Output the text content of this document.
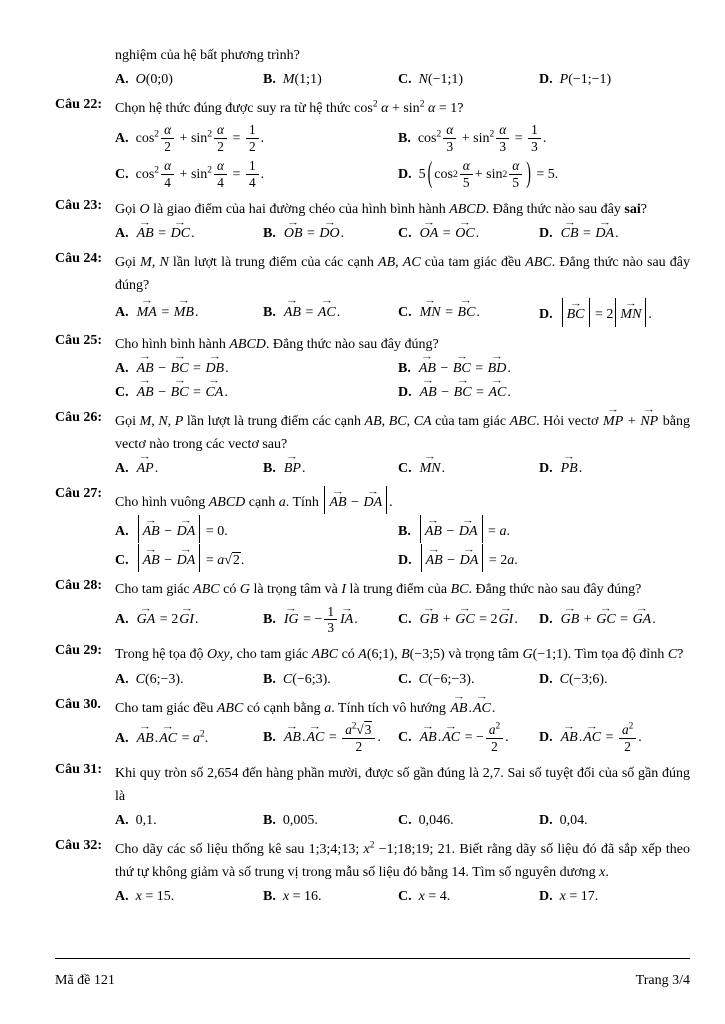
nghiệm của hệ bất phương trình?
A. O(0;0)	B. M(1;1)	C. N(−1;1)	D. P(−1;−1)
Câu 22: Chọn hệ thức đúng được suy ra từ hệ thức $\cos^2 \alpha + \sin^2 \alpha = 1$?
A. $\cos^2 \frac{\alpha}{2} + \sin^2 \frac{\alpha}{2} = \frac{1}{2}$ .	B. $\cos^2 \frac{\alpha}{3} + \sin^2 \frac{\alpha}{3} = \frac{1}{3}$ .
C. $\cos^2 \frac{\alpha}{4} + \sin^2 \frac{\alpha}{4} = \frac{1}{4}$ .	D. 5 ( $\cos 2 \frac{\alpha}{5} + \sin 2 \frac{\alpha}{5}$ ) = 5.
Câu 23: Gọi O là giao điểm của hai đường chéo của hình bình hành ABCD. Đẳng thức nào sau đây sai?
A. → AB = → DC.	B. → OB = → DO.	C. → OA = → OC.	D. → CB = → DA.
Câu 24: Gọi M, N lần lượt là trung điểm của các cạnh AB, AC của tam giác đều ABC. Đẳng thức nào sau đây đúng?
A. → MA = → MB.	B. → AB = → AC.	C. → MN = → BC.	D. → BC = 2 → MN .
Câu 25: Cho hình bình hành ABCD. Đẳng thức nào sau đây đúng?
A. → AB − → BC = → DB.	B. → AB − → BC = → BD.
C. → AB − → BC = → CA.	D. → AB − → BC = → AC.
Câu 26: Gọi M, N, P lần lượt là trung điểm các cạnh AB, BC, CA của tam giác ABC. Hỏi vectơ → MP + → NP bằng vectơ nào trong các vectơ sau?
A. → AP.	B. → BP.	C. → MN.	D. → PB.
Câu 27:
Cho hình vuông ABCD cạnh a. Tính → AB − → DA .
A. → AB − → DA = 0.	B. → AB − → DA = a.
C. → AB − → DA = a√2.	D. → AB − → DA = 2a.
Câu 28: Cho tam giác ABC có G là trọng tâm và I là trung điểm của BC. Đẳng thức nào sau đây đúng?
A. → GA = 2→ GI.	B. → IG = − $\frac{1}{3}$ → IA.	C. → GB + → GC = 2→ GI.	D. → GB + → GC = → GA.
Câu 29: Trong hệ tọa độ Oxy, cho tam giác ABC có A(6;1), B(−3;5) và trọng tâm G(−1;1). Tìm tọa độ đỉnh C?
A. C(6;−3).	B. C(−6;3).	C. C(−6;−3).	D. C(−3;6).
Câu 30.	Cho tam giác đều ABC có cạnh bằng a. Tính tích vô hướng → AB.→ AC.
A. → AB.→ AC = $a^2$.	B. → AB.→ AC = $\frac{a^2√3}{2}$ .	C. → AB.→ AC = − $\frac{a^2}{2}$ .	D. → AB.→ AC = $\frac{a^2}{2}$ .
Câu 31: Khi quy tròn số 2,654 đến hàng phần mười, được số gần đúng là 2,7. Sai số tuyệt đối của số gần đúng là
A. 0,1.	B. 0,005.	C. 0,046.	D. 0,04.
Câu 32: Cho dãy các số liệu thống kê sau 1;3;4;13; $x^2$ −1;18;19; 21. Biết rằng dãy số liệu đó đã sắp xếp theo thứ tự không giảm và số trung vị trong mẫu số liệu đó bằng 14. Tìm số nguyên dương x.
A. x = 15.	B. x = 16.	C. x = 4.	D. x = 17.
Mã đề 121	Trang 3/4
